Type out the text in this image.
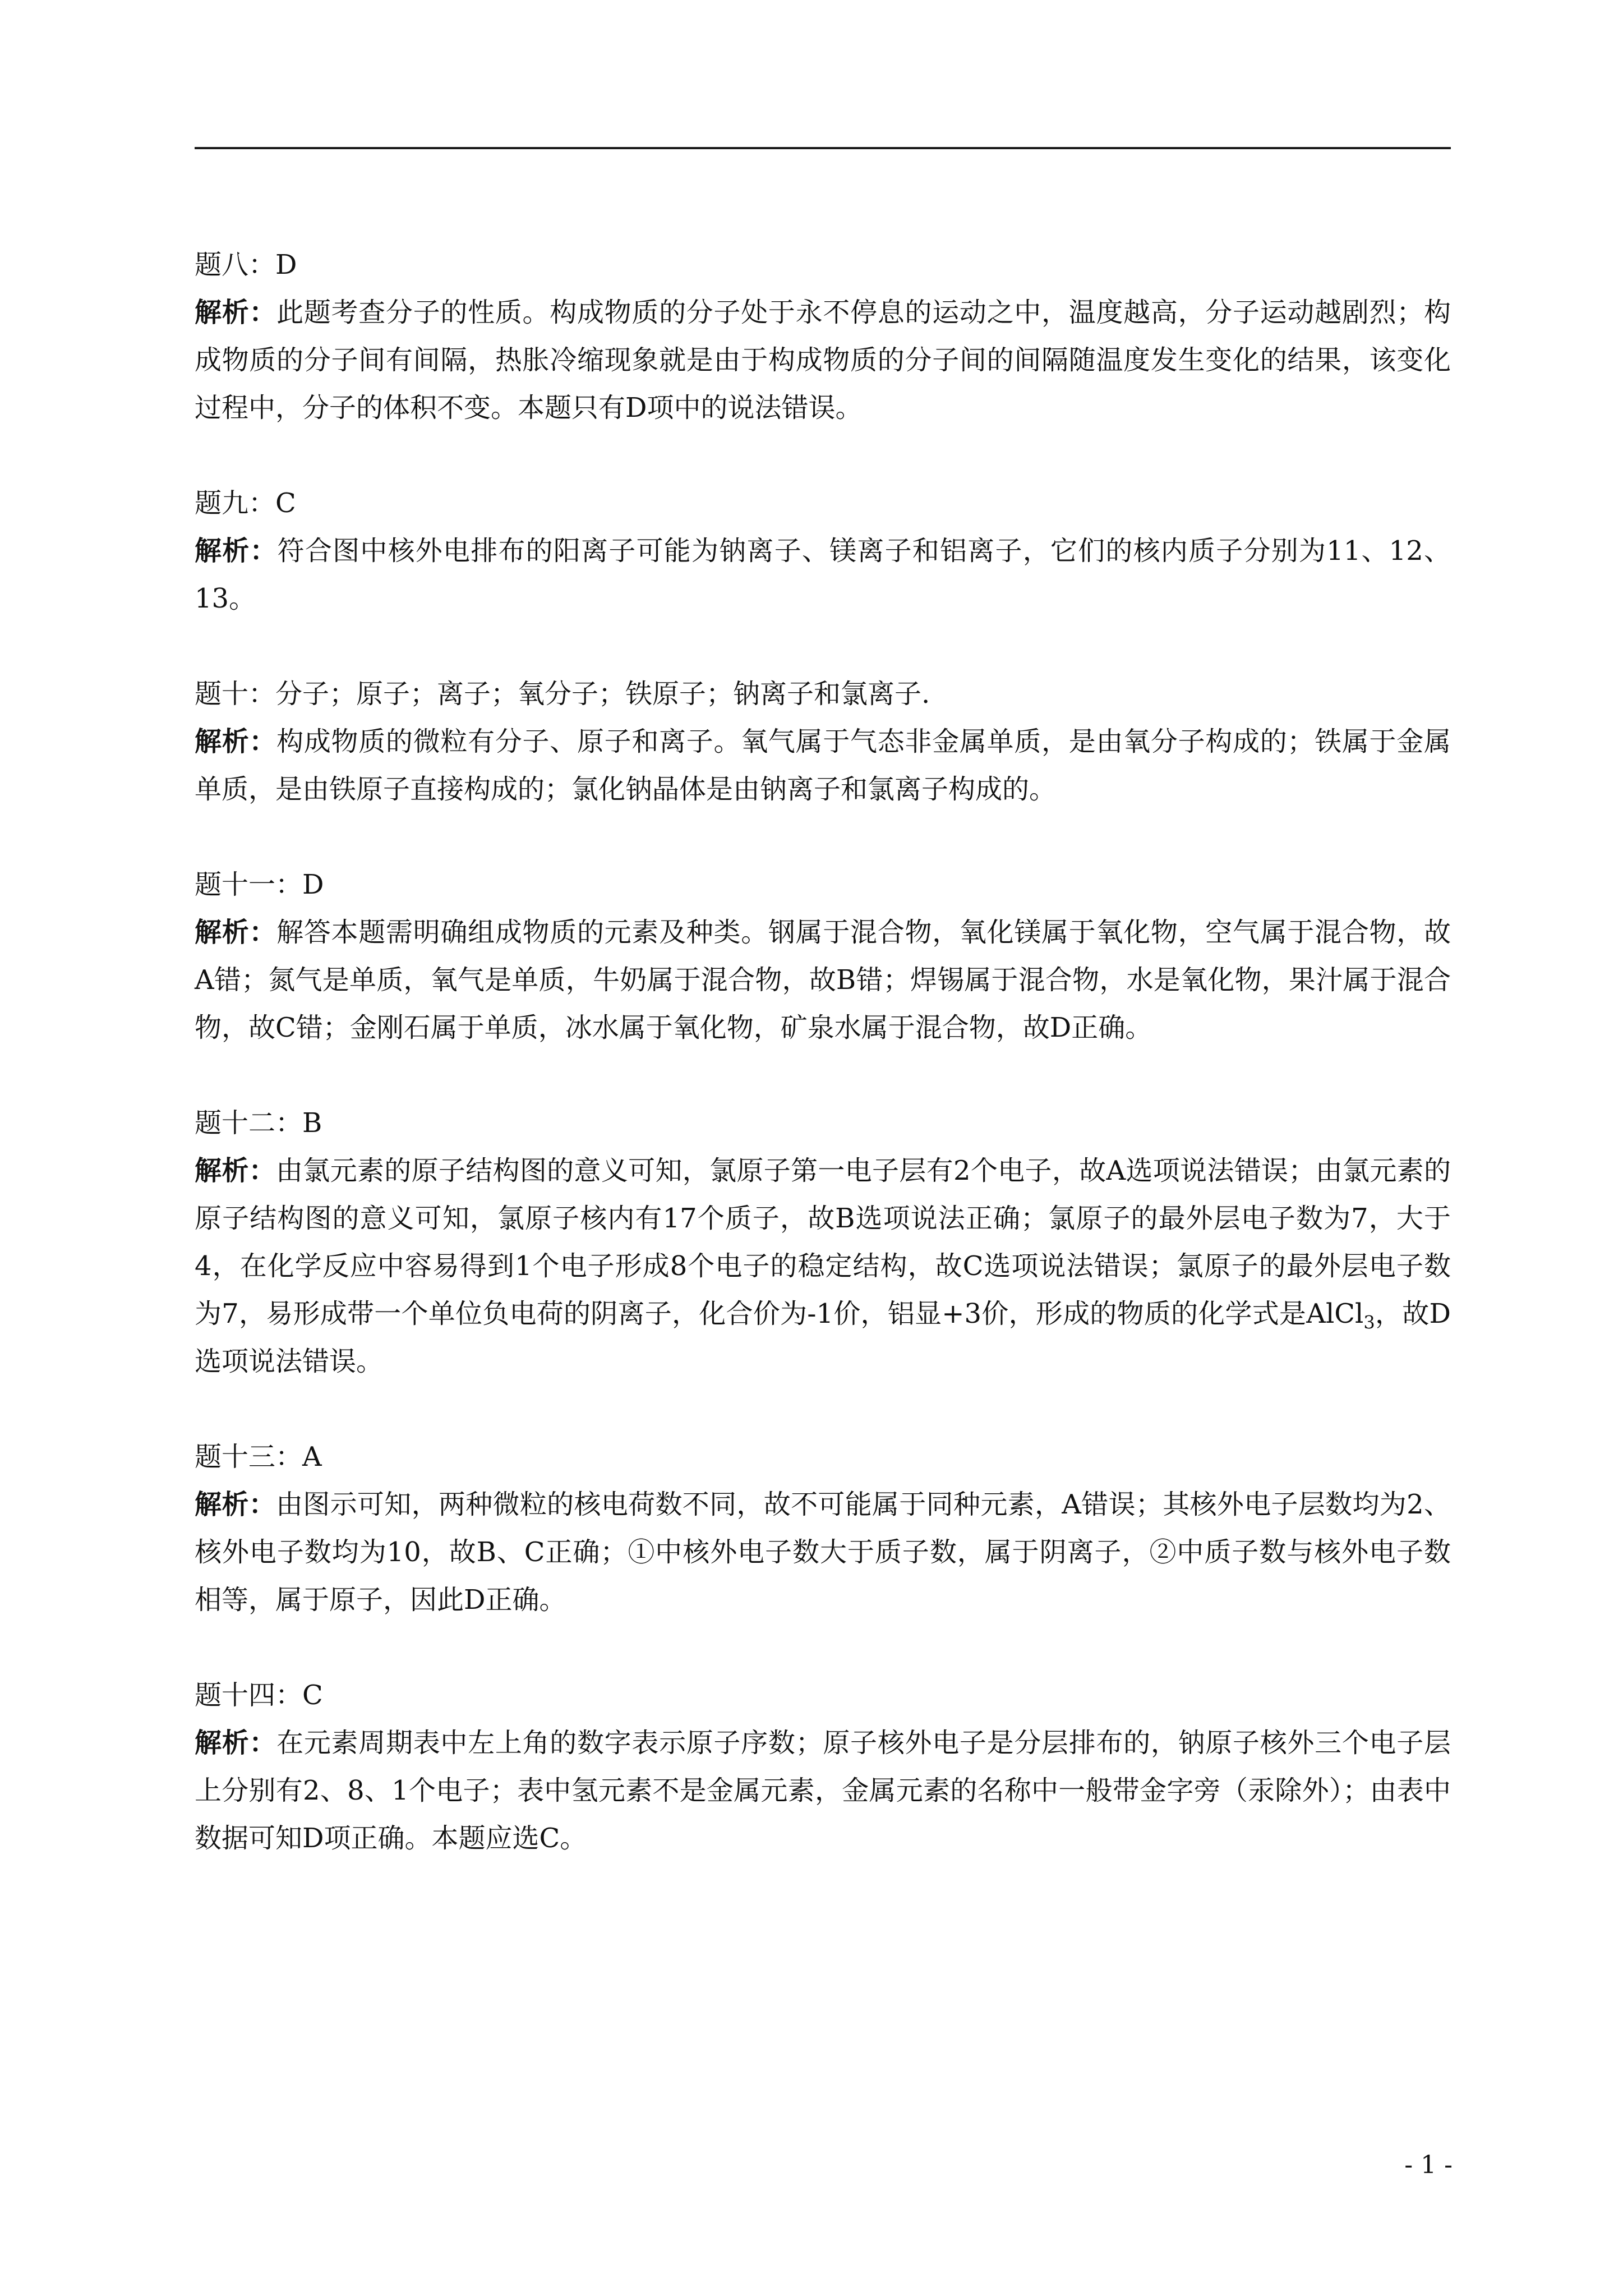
题八：D

解析：此题考查分子的性质。构成物质的分子处于永不停息的运动之中，温度越高，分子运动越剧烈；构成物质的分子间有间隔，热胀冷缩现象就是由于构成物质的分子间的间隔随温度发生变化的结果，该变化过程中，分子的体积不变。本题只有D项中的说法错误。

题九：C

解析：符合图中核外电排布的阳离子可能为钠离子、镁离子和铝离子，它们的核内质子分别为11、12、13。

题十：分子；原子；离子；氧分子；铁原子；钠离子和氯离子.

解析：构成物质的微粒有分子、原子和离子。氧气属于气态非金属单质，是由氧分子构成的；铁属于金属单质，是由铁原子直接构成的；氯化钠晶体是由钠离子和氯离子构成的。

题十一：D

解析：解答本题需明确组成物质的元素及种类。钢属于混合物，氧化镁属于氧化物，空气属于混合物，故A错；氮气是单质，氧气是单质，牛奶属于混合物，故B错；焊锡属于混合物，水是氧化物，果汁属于混合物，故C错；金刚石属于单质，冰水属于氧化物，矿泉水属于混合物，故D正确。

题十二：B

解析：由氯元素的原子结构图的意义可知，氯原子第一电子层有2个电子，故A选项说法错误；由氯元素的原子结构图的意义可知，氯原子核内有17个质子，故B选项说法正确；氯原子的最外层电子数为7，大于4，在化学反应中容易得到1个电子形成8个电子的稳定结构，故C选项说法错误；氯原子的最外层电子数为7，易形成带一个单位负电荷的阴离子，化合价为-1价，铝显+3价，形成的物质的化学式是AlCl$_3$，故D选项说法错误。

题十三：A

解析：由图示可知，两种微粒的核电荷数不同，故不可能属于同种元素，A错误；其核外电子层数均为2、核外电子数均为10，故B、C正确；①中核外电子数大于质子数，属于阴离子，②中质子数与核外电子数相等，属于原子，因此D正确。

题十四：C

解析：在元素周期表中左上角的数字表示原子序数；原子核外电子是分层排布的，钠原子核外三个电子层上分别有2、8、1个电子；表中氢元素不是金属元素，金属元素的名称中一般带金字旁（汞除外）；由表中数据可知D项正确。本题应选C。

- 1 -
